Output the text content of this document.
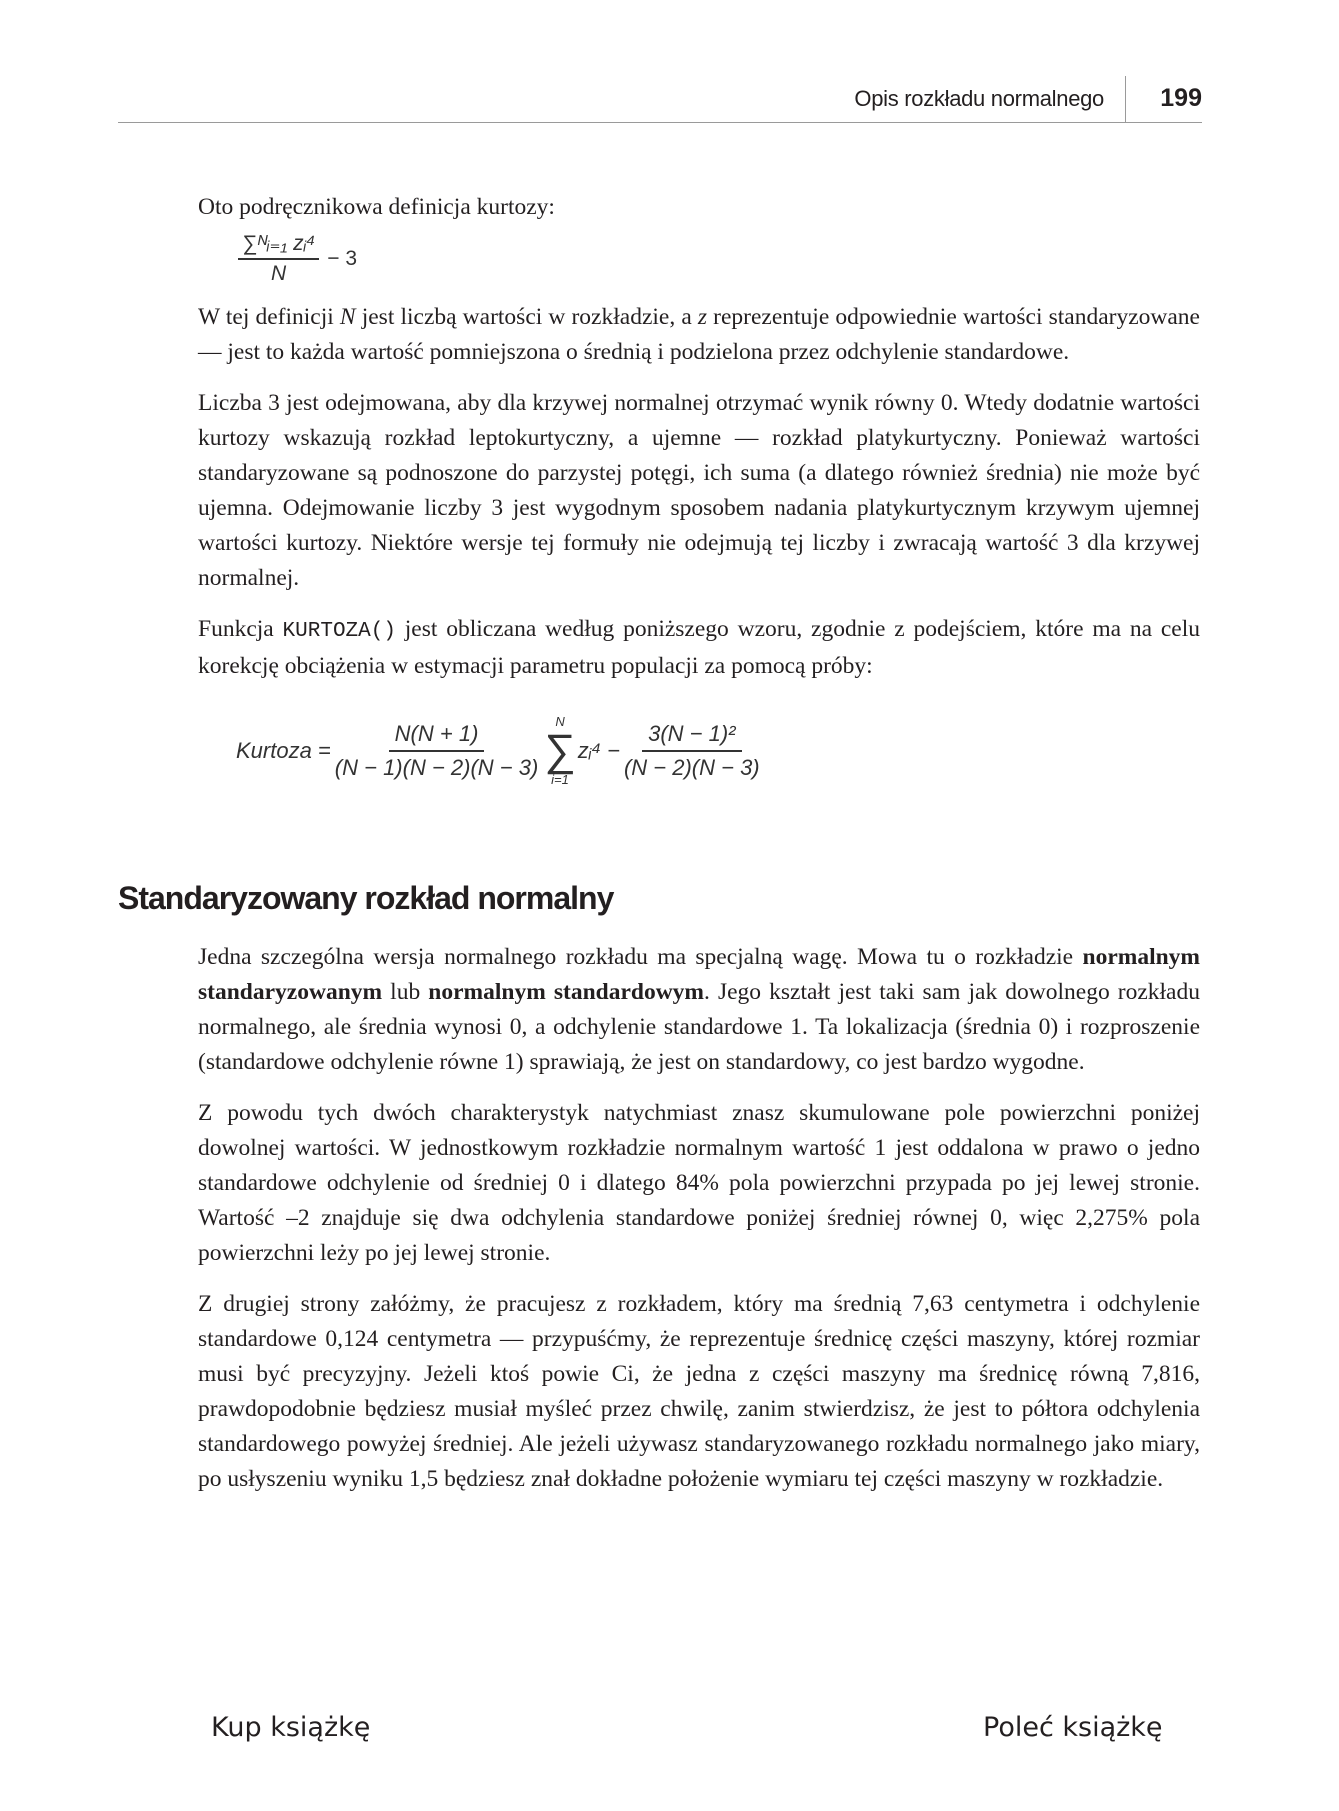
Opis rozkładu normalnego 199

Oto podręcznikowa definicja kurtozy:

$\frac{\text{∑ᴺᵢ₌₁ zᵢ⁴}}{N} - 3$

W tej definicji N jest liczbą wartości w rozkładzie, a z reprezentuje odpowiednie wartości standaryzowane — jest to każda wartość pomniejszona o średnią i podzielona przez odchylenie standardowe.

Liczba 3 jest odejmowana, aby dla krzywej normalnej otrzymać wynik równy 0. Wtedy dodatnie wartości kurtozy wskazują rozkład leptokurtyczny, a ujemne — rozkład platykurtyczny. Ponieważ wartości standaryzowane są podnoszone do parzystej potęgi, ich suma (a dlatego również średnia) nie może być ujemna. Odejmowanie liczby 3 jest wygodnym sposobem nadania platykurtycznym krzywym ujemnej wartości kurtozy. Niektóre wersje tej formuły nie odejmują tej liczby i zwracają wartość 3 dla krzywej normalnej.

Funkcja KURTOZA() jest obliczana według poniższego wzoru, zgodnie z podejściem, które ma na celu korekcję obciążenia w estymacji parametru populacji za pomocą próby:

Kurtoza = $\frac{N(N + 1)}{(N - 1)(N - 2)(N - 3)}$ N
∑
i=1
zᵢ⁴ − $\frac{\text{3(N − 1)²}}{(N - 2)(N - 3)}$
Standaryzowany rozkład normalny

Jedna szczególna wersja normalnego rozkładu ma specjalną wagę. Mowa tu o rozkładzie normalnym standaryzowanym lub normalnym standardowym. Jego kształt jest taki sam jak dowolnego rozkładu normalnego, ale średnia wynosi 0, a odchylenie standardowe 1. Ta lokalizacja (średnia 0) i rozproszenie (standardowe odchylenie równe 1) sprawiają, że jest on standardowy, co jest bardzo wygodne.

Z powodu tych dwóch charakterystyk natychmiast znasz skumulowane pole powierzchni poniżej dowolnej wartości. W jednostkowym rozkładzie normalnym wartość 1 jest oddalona w prawo o jedno standardowe odchylenie od średniej 0 i dlatego 84% pola powierzchni przypada po jej lewej stronie. Wartość –2 znajduje się dwa odchylenia standardowe poniżej średniej równej 0, więc 2,275% pola powierzchni leży po jej lewej stronie.

Z drugiej strony załóżmy, że pracujesz z rozkładem, który ma średnią 7,63 centymetra i odchylenie standardowe 0,124 centymetra — przypuśćmy, że reprezentuje średnicę części maszyny, której rozmiar musi być precyzyjny. Jeżeli ktoś powie Ci, że jedna z części maszyny ma średnicę równą 7,816, prawdopodobnie będziesz musiał myśleć przez chwilę, zanim stwierdzisz, że jest to półtora odchylenia standardowego powyżej średniej. Ale jeżeli używasz standaryzowanego rozkładu normalnego jako miary, po usłyszeniu wyniku 1,5 będziesz znał dokładne położenie wymiaru tej części maszyny w rozkładzie.

Kup książkę	Poleć książkę
